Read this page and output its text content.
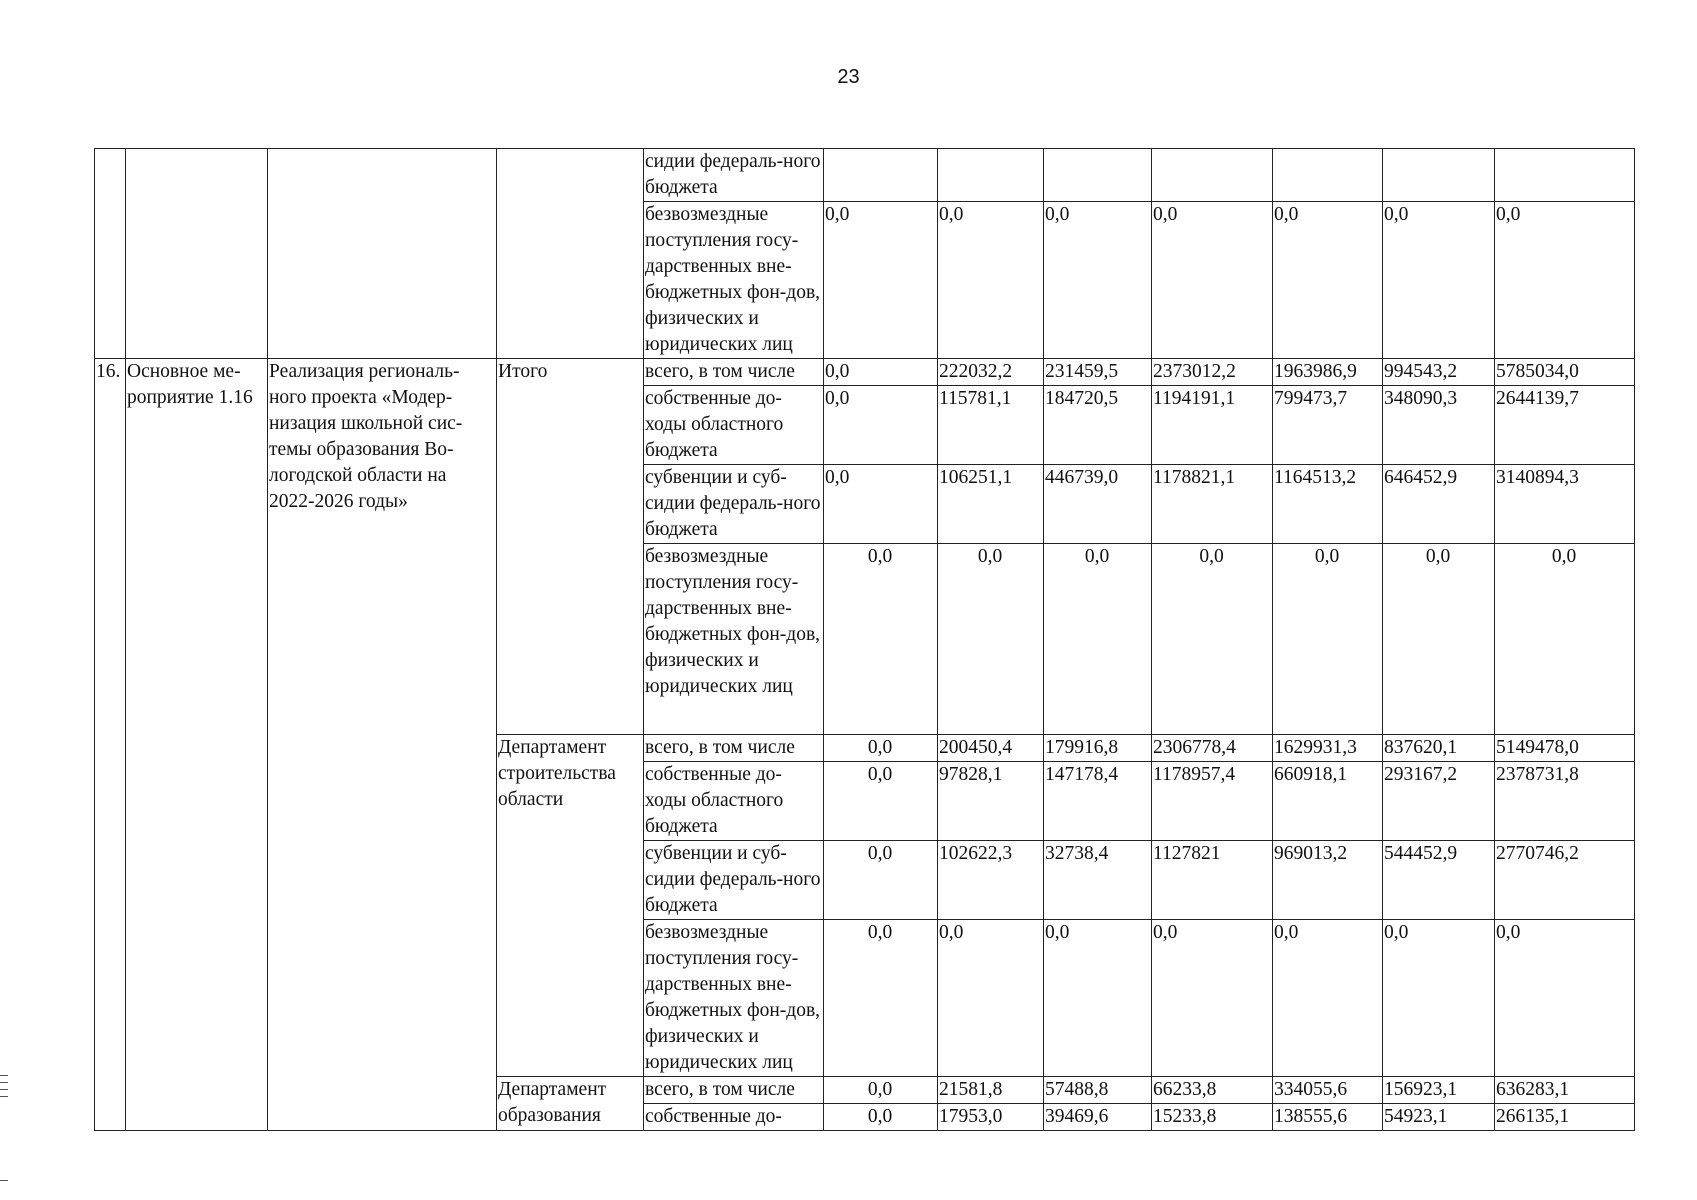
23
				сидии федераль-ного бюджета							
				безвозмездные поступления госу-дарственных вне-бюджетных фон-дов, физических и юридических лиц	0,0	0,0	0,0	0,0	0,0	0,0	0,0
16.	Основное ме-роприятие 1.16	Реализация региональ-ного проекта «Модер-низация школьной сис-темы образования Во-логодской области на 2022-2026 годы»	Итого	всего, в том числе	0,0	222032,2	231459,5	2373012,2	1963986,9	994543,2	5785034,0
				собственные до-ходы областного бюджета	0,0	115781,1	184720,5	1194191,1	799473,7	348090,3	2644139,7
				субвенции и суб-сидии федераль-ного бюджета	0,0	106251,1	446739,0	1178821,1	1164513,2	646452,9	3140894,3
				безвозмездные поступления госу-дарственных вне-бюджетных фон-дов, физических и юридических лиц	0,0	0,0	0,0	0,0	0,0	0,0	0,0
			Департамент строительства области	всего, в том числе	0,0	200450,4	179916,8	2306778,4	1629931,3	837620,1	5149478,0
				собственные до-ходы областного бюджета	0,0	97828,1	147178,4	1178957,4	660918,1	293167,2	2378731,8
				субвенции и суб-сидии федераль-ного бюджета	0,0	102622,3	32738,4	1127821	969013,2	544452,9	2770746,2
				безвозмездные поступления госу-дарственных вне-бюджетных фон-дов, физических и юридических лиц	0,0	0,0	0,0	0,0	0,0	0,0	0,0
			Департамент образования	всего, в том числе	0,0	21581,8	57488,8	66233,8	334055,6	156923,1	636283,1
				собственные до-	0,0	17953,0	39469,6	15233,8	138555,6	54923,1	266135,1
